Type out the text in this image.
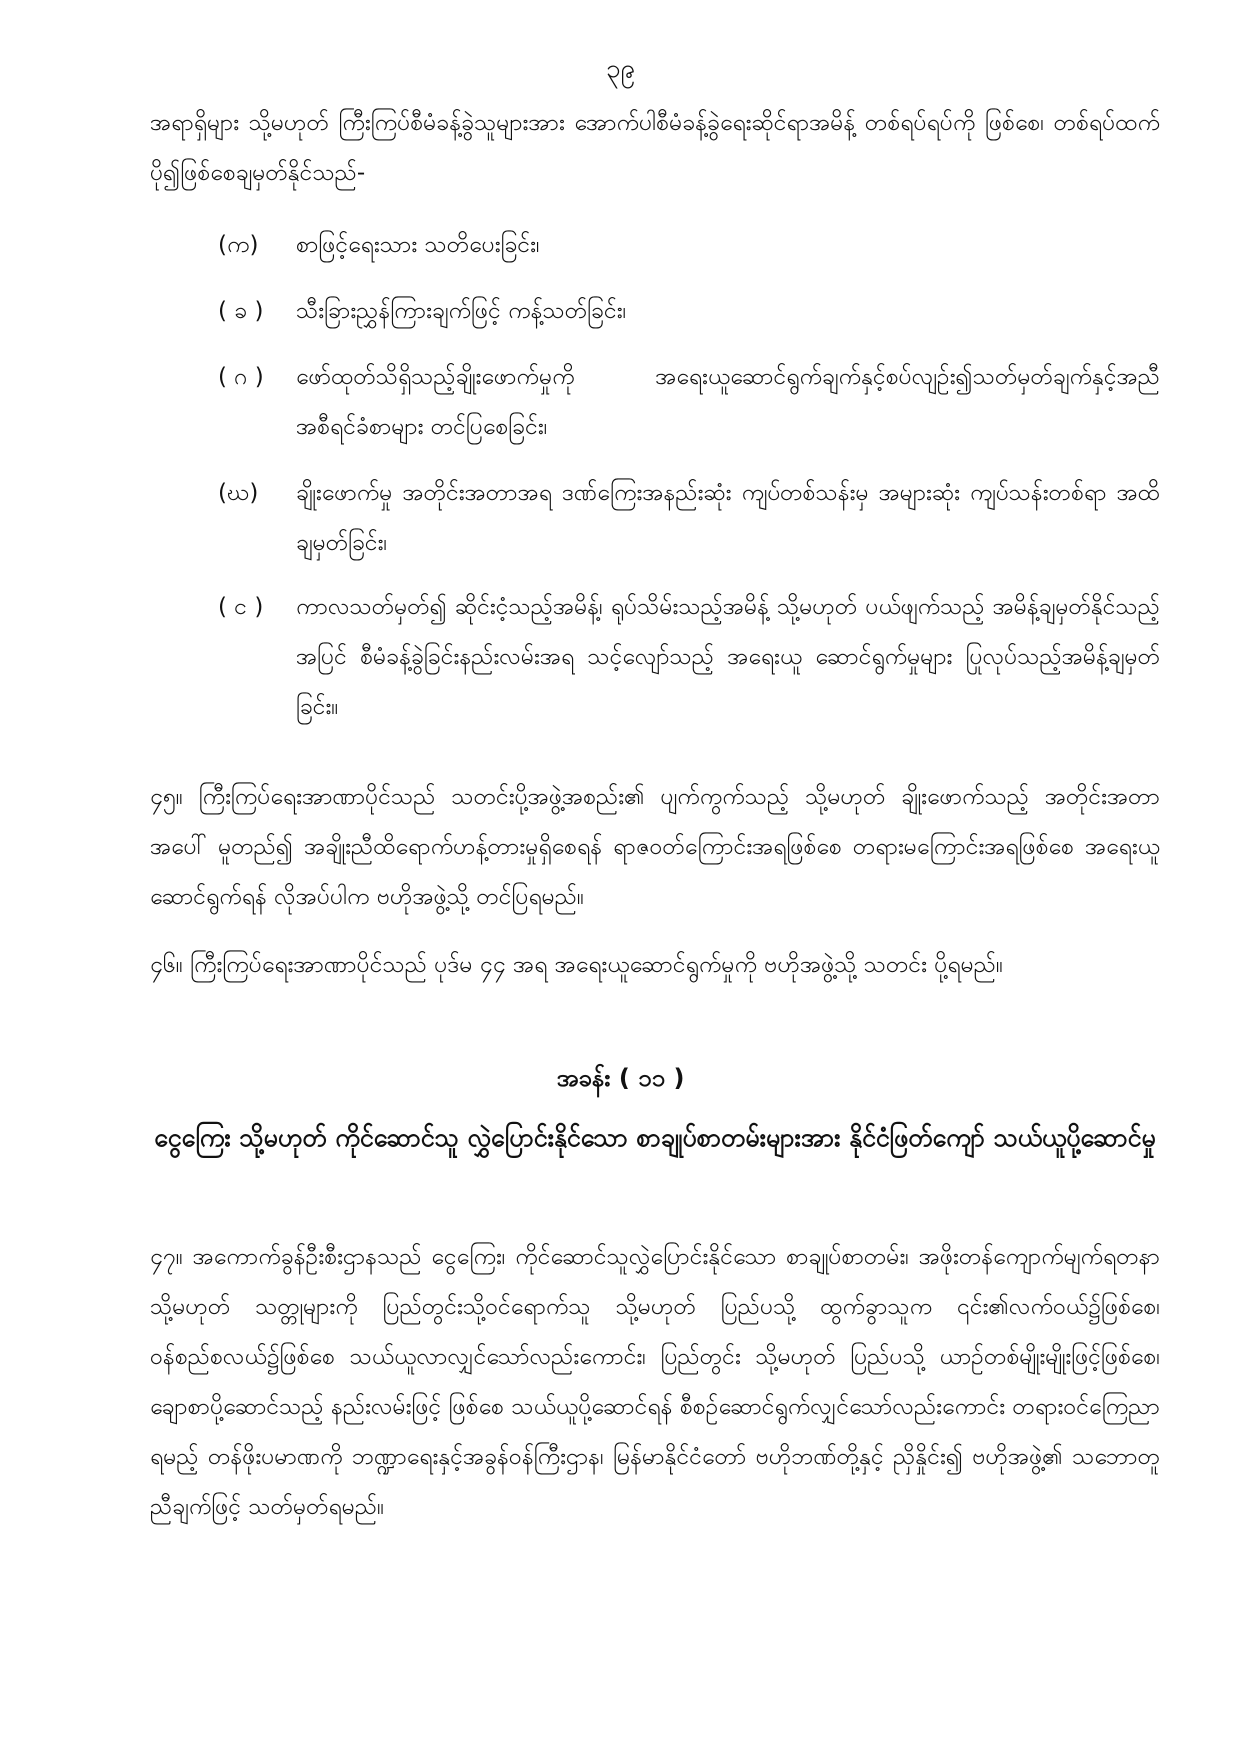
၃၉

အရာရှိများ သို့မဟုတ် ကြီးကြပ်စီမံခန့်ခွဲသူများအား အောက်ပါစီမံခန့်ခွဲရေးဆိုင်ရာအမိန့် တစ်ရပ်ရပ်ကို ဖြစ်စေ၊ တစ်ရပ်ထက်ပို၍ဖြစ်စေချမှတ်နိုင်သည်-

(က)	စာဖြင့်ရေးသား သတိပေးခြင်း၊
( ခ )	သီးခြားညွှန်ကြားချက်ဖြင့် ကန့်သတ်ခြင်း၊
( ဂ )	ဖော်ထုတ်သိရှိသည့်ချိုးဖောက်မှုကို အရေးယူဆောင်ရွက်ချက်နှင့်စပ်လျဉ်း၍သတ်မှတ်ချက်နှင့်အညီ အစီရင်ခံစာများ တင်ပြစေခြင်း၊
(ဃ)	ချိုးဖောက်မှု အတိုင်းအတာအရ ဒဏ်ကြေးအနည်းဆုံး ကျပ်တစ်သန်းမှ အများဆုံး ကျပ်သန်းတစ်ရာ အထိချမှတ်ခြင်း၊
( င )	ကာလသတ်မှတ်၍ ဆိုင်းငံ့သည့်အမိန့်၊ ရုပ်သိမ်းသည့်အမိန့် သို့မဟုတ် ပယ်ဖျက်သည့် အမိန့်ချမှတ်နိုင်သည့်အပြင် စီမံခန့်ခွဲခြင်းနည်းလမ်းအရ သင့်လျော်သည့် အရေးယူ ဆောင်ရွက်မှုများ ပြုလုပ်သည့်အမိန့်ချမှတ်ခြင်း။

၄၅။ ကြီးကြပ်ရေးအာဏာပိုင်သည် သတင်းပို့အဖွဲ့အစည်း၏ ပျက်ကွက်သည့် သို့မဟုတ် ချိုးဖောက်သည့် အတိုင်းအတာအပေါ် မူတည်၍ အချိုးညီထိရောက်ဟန့်တားမှုရှိစေရန် ရာဇဝတ်ကြောင်းအရဖြစ်စေ တရားမကြောင်းအရဖြစ်စေ အရေးယူဆောင်ရွက်ရန် လိုအပ်ပါက ဗဟိုအဖွဲ့သို့ တင်ပြရမည်။

၄၆။ ကြီးကြပ်ရေးအာဏာပိုင်သည် ပုဒ်မ ၄၄ အရ အရေးယူဆောင်ရွက်မှုကို ဗဟိုအဖွဲ့သို့ သတင်း ပို့ရမည်။

အခန်း ( ၁၁ )
ငွေကြေး သို့မဟုတ် ကိုင်ဆောင်သူ လွှဲပြောင်းနိုင်သော စာချုပ်စာတမ်းများအား နိုင်ငံဖြတ်ကျော် သယ်ယူပို့ဆောင်မှု

၄၇။ အကောက်ခွန်ဦးစီးဌာနသည် ငွေကြေး၊ ကိုင်ဆောင်သူလွှဲပြောင်းနိုင်သော စာချုပ်စာတမ်း၊ အဖိုးတန်ကျောက်မျက်ရတနာ သို့မဟုတ် သတ္တုများကို ပြည်တွင်းသို့ဝင်ရောက်သူ သို့မဟုတ် ပြည်ပသို့ ထွက်ခွာသူက ၎င်း၏လက်ဝယ်၌ဖြစ်စေ၊ ဝန်စည်စလယ်၌ဖြစ်စေ သယ်ယူလာလျှင်သော်လည်းကောင်း၊ ပြည်တွင်း သို့မဟုတ် ပြည်ပသို့ ယာဉ်တစ်မျိုးမျိုးဖြင့်ဖြစ်စေ၊ ချောစာပို့ဆောင်သည့် နည်းလမ်းဖြင့် ဖြစ်စေ သယ်ယူပို့ဆောင်ရန် စီစဉ်ဆောင်ရွက်လျှင်သော်လည်းကောင်း တရားဝင်ကြေညာရမည့် တန်ဖိုးပမာဏကို ဘဏ္ဍာရေးနှင့်အခွန်ဝန်ကြီးဌာန၊ မြန်မာနိုင်ငံတော် ဗဟိုဘဏ်တို့နှင့် ညှိနှိုင်း၍ ဗဟိုအဖွဲ့၏ သဘောတူညီချက်ဖြင့် သတ်မှတ်ရမည်။
